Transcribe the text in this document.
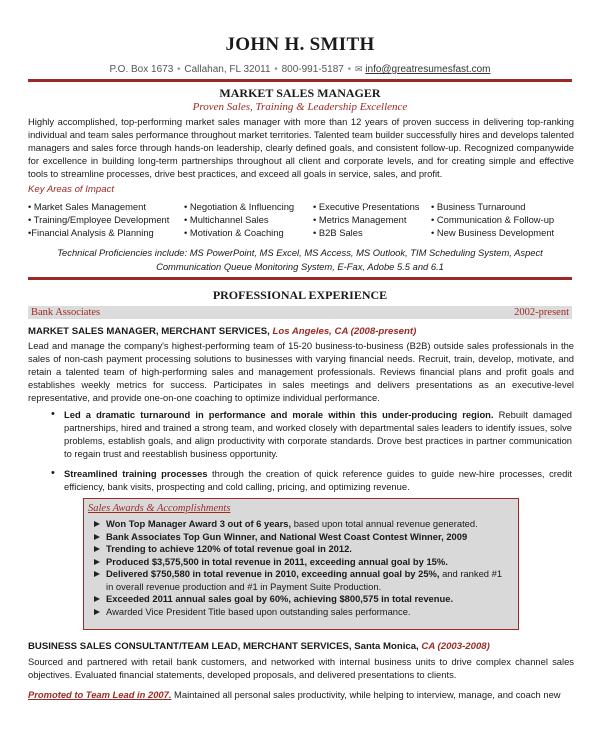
JOHN H. SMITH
P.O. Box 1673 • Callahan, FL 32011 • 800-991-5187 • ✉ info@greatresumesfast.com
MARKET SALES MANAGER
Proven Sales, Training & Leadership Excellence

Highly accomplished, top-performing market sales manager with more than 12 years of proven success in delivering top-ranking individual and team sales performance throughout market territories. Talented team builder successfully hires and develops talented managers and sales force through hands-on leadership, clearly defined goals, and consistent follow-up. Recognized companywide for excellence in building long-term partnerships throughout all client and corporate levels, and for creating simple and effective tools to streamline processes, drive best practices, and exceed all goals in service, sales, and profit.

Key Areas of Impact
• Market Sales Management	• Negotiation & Influencing • Executive Presentations • Business Turnaround
• Training/Employee Development • Multichannel Sales	• Metrics Management	• Communication & Follow-up
•Financial Analysis & Planning	• Motivation & Coaching	• B2B Sales	• New Business Development

Technical Proficiencies include: MS PowerPoint, MS Excel, MS Access, MS Outlook, TIM Scheduling System, Aspect
Communication Queue Monitoring System, E-Fax, Adobe 5.5 and 6.1

PROFESSIONAL EXPERIENCE
Bank Associates	2002-present
MARKET SALES MANAGER, MERCHANT SERVICES, Los Angeles, CA (2008-present)

Lead and manage the company's highest-performing team of 15-20 business-to-business (B2B) outside sales professionals in the sales of non-cash payment processing solutions to businesses with varying financial needs. Recruit, train, develop, motivate, and retain a talented team of high-performing sales and management professionals. Reviews financial plans and profit goals and establishes weekly metrics for success. Participates in sales meetings and delivers presentations as an executive-level representative, and provide one-on-one coaching to optimize individual performance.

• Led a dramatic turnaround in performance and morale within this under-producing region. Rebuilt damaged partnerships, hired and trained a strong team, and worked closely with departmental sales leaders to identify issues, solve problems, establish goals, and align productivity with corporate standards. Drove best practices in partner communication to regain trust and reestablish business opportunity.
• Streamlined training processes through the creation of quick reference guides to guide new-hire processes, credit efficiency, bank visits, prospecting and cold calling, pricing, and optimizing revenue.
Sales Awards & Accomplishments
Won Top Manager Award 3 out of 6 years, based upon total annual revenue generated.
Bank Associates Top Gun Winner, and National West Coast Contest Winner, 2009
Trending to achieve 120% of total revenue goal in 2012.
Produced $3,575,500 in total revenue in 2011, exceeding annual goal by 15%.
Delivered $750,580 in total revenue in 2010, exceeding annual goal by 25%, and ranked #1 in overall revenue production and #1 in Payment Suite Production.
Exceeded 2011 annual sales goal by 60%, achieving $800,575 in total revenue.
Awarded Vice President Title based upon outstanding sales performance.
BUSINESS SALES CONSULTANT/TEAM LEAD, MERCHANT SERVICES, Santa Monica, CA (2003-2008)

Sourced and partnered with retail bank customers, and networked with internal business units to drive complex channel sales objectives. Evaluated financial statements, developed proposals, and delivered presentations to clients.

Promoted to Team Lead in 2007. Maintained all personal sales productivity, while helping to interview, manage, and coach new
